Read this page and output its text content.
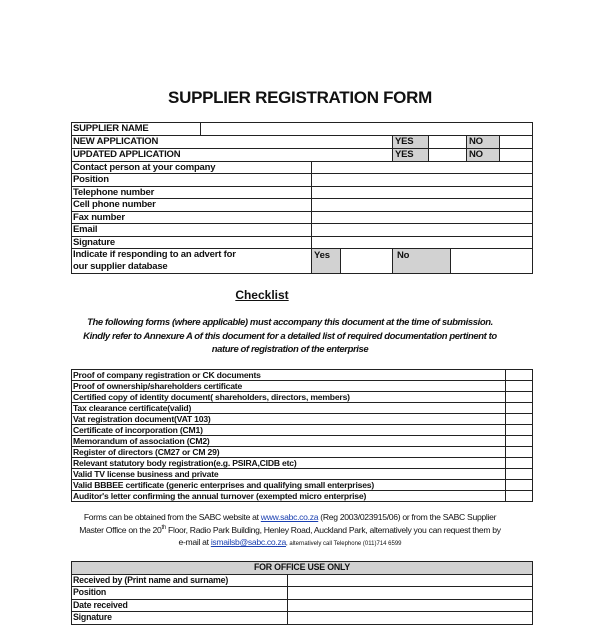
SUPPLIER REGISTRATION FORM
SUPPLIER NAME					

NEW APPLICATION YES NO					

UPDATED APPLICATION YES NO					

Contact person at your company					
Position					
Telephone number					
Cell phone number					
Fax number					
Email					
Signature					

Indicate if responding to an advert for
our supplier database		Yes		No	
Checklist
The following forms (where applicable) must accompany this document at the time of submission.
Kindly refer to Annexure A of this document for a detailed list of required documentation pertinent to
nature of registration of the enterprise
Proof of company registration or CK documents	
Proof of ownership/shareholders certificate	
Certified copy of identity document( shareholders, directors, members)	
Tax clearance certificate(valid)	
Vat registration document(VAT 103)	
Certificate of incorporation (CM1)	
Memorandum of association (CM2)	
Register of directors (CM27 or CM 29)	
Relevant statutory body registration(e.g. PSIRA,CIDB etc)	
Valid TV license business and private	
Valid BBBEE certificate (generic enterprises and qualifying small enterprises)	
Auditor's letter confirming the annual turnover (exempted micro enterprise)	
Forms can be obtained from the SABC website at www.sabc.co.za (Reg 2003/023915/06) or from the SABC Supplier
Master Office on the 20th Floor, Radio Park Building, Henley Road, Auckland Park, alternatively you can request them by
e-mail at ismailsb@sabc.co.za, alternatively call Telephone (011)714 6599
FOR OFFICE USE ONLY	
Received by (Print name and surname)	
Position	
Date received	
Signature	
